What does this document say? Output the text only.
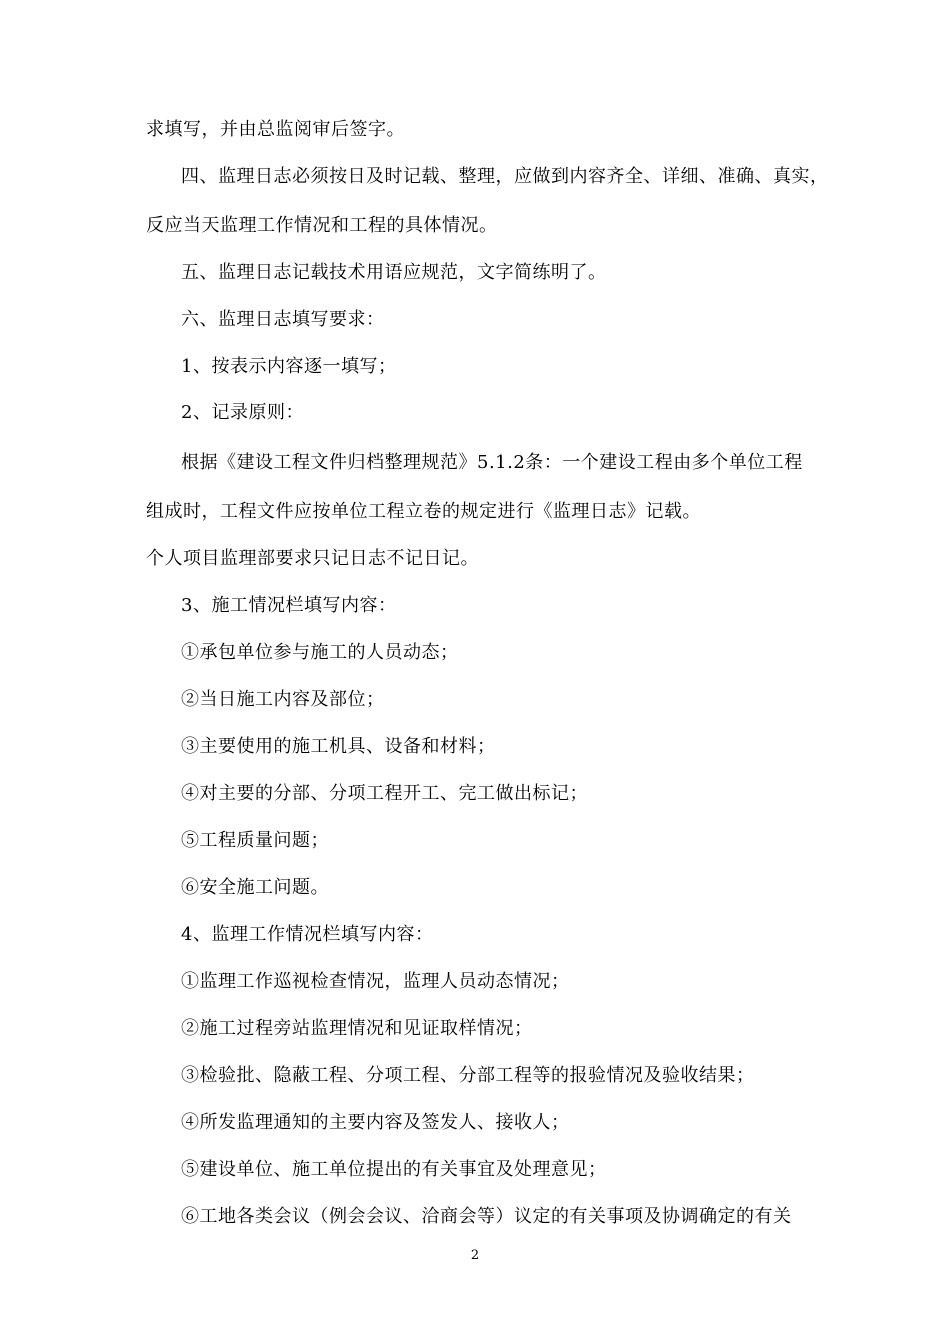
求填写，并由总监阅审后签字。
四、监理日志必须按日及时记载、整理，应做到内容齐全、详细、准确、真实，
反应当天监理工作情况和工程的具体情况。
五、监理日志记载技术用语应规范，文字简练明了。
六、监理日志填写要求：
1、按表示内容逐一填写；
2、记录原则：
根据《建设工程文件归档整理规范》5.1.2条：一个建设工程由多个单位工程
组成时，工程文件应按单位工程立卷的规定进行《监理日志》记载。
个人项目监理部要求只记日志不记日记。
3、施工情况栏填写内容：
①承包单位参与施工的人员动态；
②当日施工内容及部位；
③主要使用的施工机具、设备和材料；
④对主要的分部、分项工程开工、完工做出标记；
⑤工程质量问题；
⑥安全施工问题。
4、监理工作情况栏填写内容：
①监理工作巡视检查情况，监理人员动态情况；
②施工过程旁站监理情况和见证取样情况；
③检验批、隐蔽工程、分项工程、分部工程等的报验情况及验收结果；
④所发监理通知的主要内容及签发人、接收人；
⑤建设单位、施工单位提出的有关事宜及处理意见；
⑥工地各类会议（例会会议、洽商会等）议定的有关事项及协调确定的有关
2
